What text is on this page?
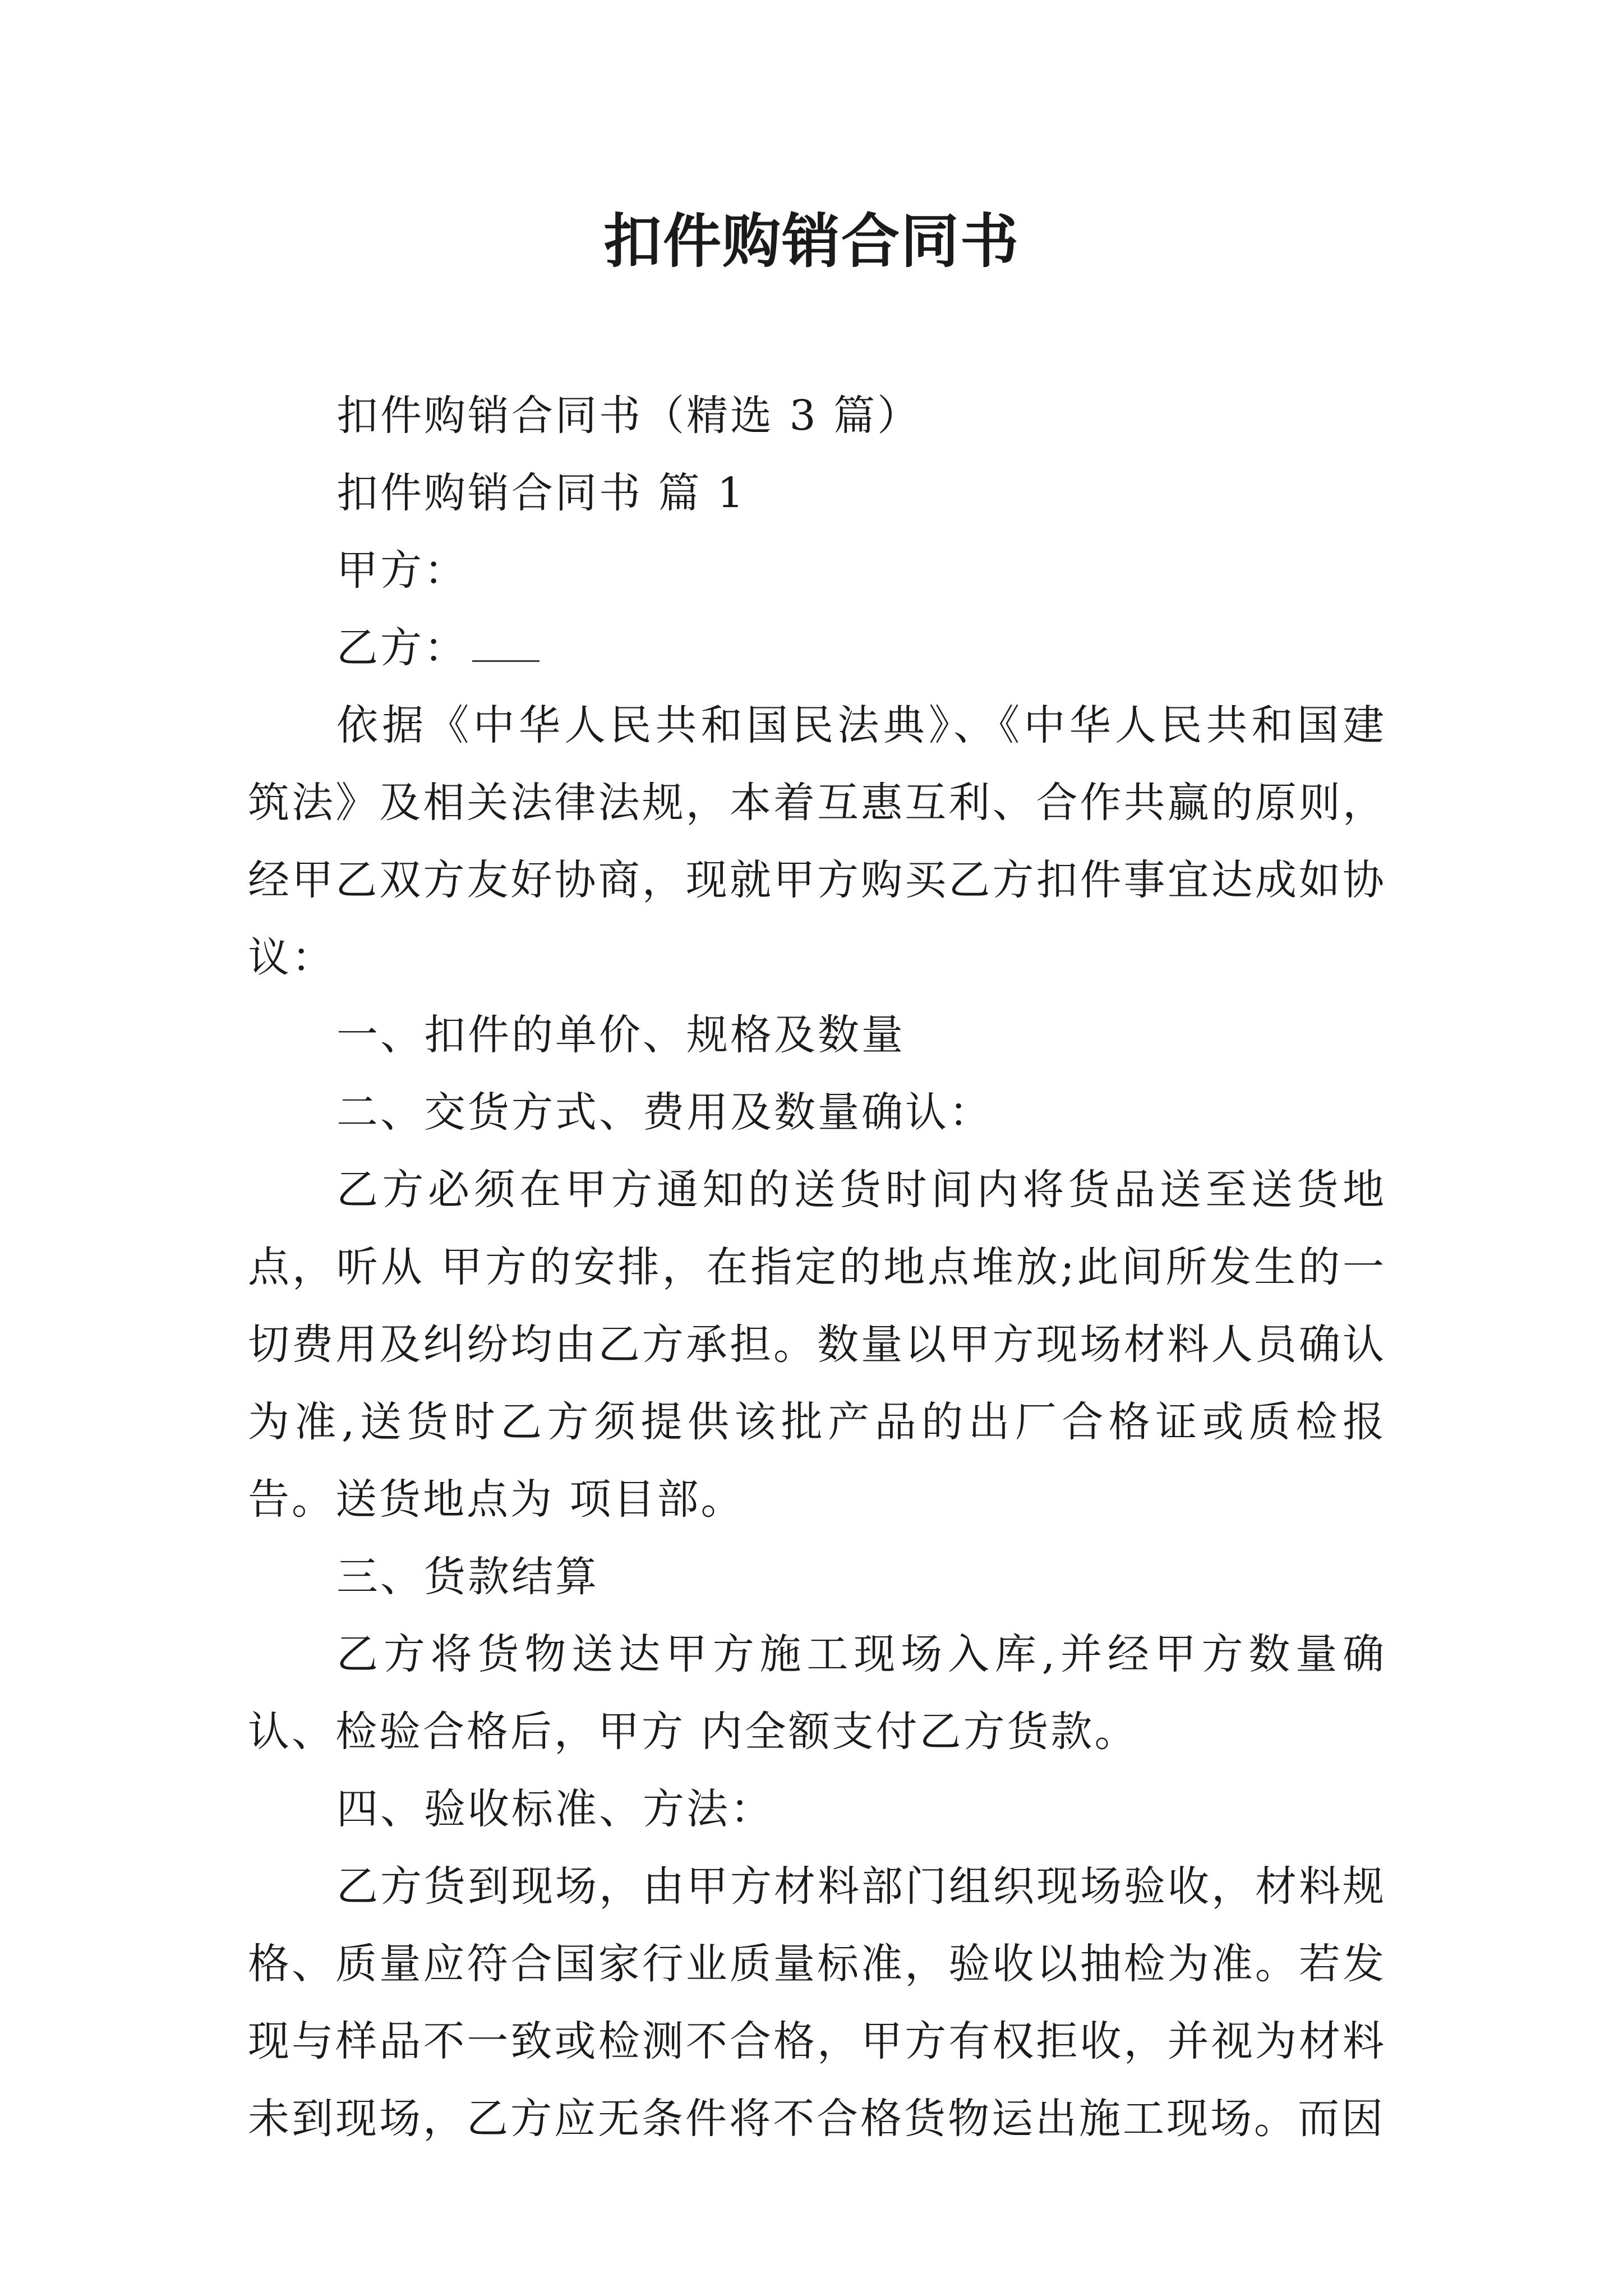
扣件购销合同书

扣件购销合同书（精选 3 篇）

扣件购销合同书 篇 1

甲方：

乙方：

依据《中华人民共和国民法典》、《中华人民共和国建筑法》及相关法律法规，本着互惠互利、合作共赢的原则，经甲乙双方友好协商，现就甲方购买乙方扣件事宜达成如协议：

一、扣件的单价、规格及数量

二、交货方式、费用及数量确认：

乙方必须在甲方通知的送货时间内将货品送至送货地点，听从 甲方的安排，在指定的地点堆放;此间所发生的一切费用及纠纷均由乙方承担。数量以甲方现场材料人员确认为准,送货时乙方须提供该批产品的出厂合格证或质检报告。送货地点为 项目部。

三、货款结算

乙方将货物送达甲方施工现场入库,并经甲方数量确认、检验合格后，甲方 内全额支付乙方货款。

四、验收标准、方法：

乙方货到现场，由甲方材料部门组织现场验收，材料规格、质量应符合国家行业质量标准，验收以抽检为准。若发现与样品不一致或检测不合格，甲方有权拒收，并视为材料未到现场，乙方应无条件将不合格货物运出施工现场。而因
